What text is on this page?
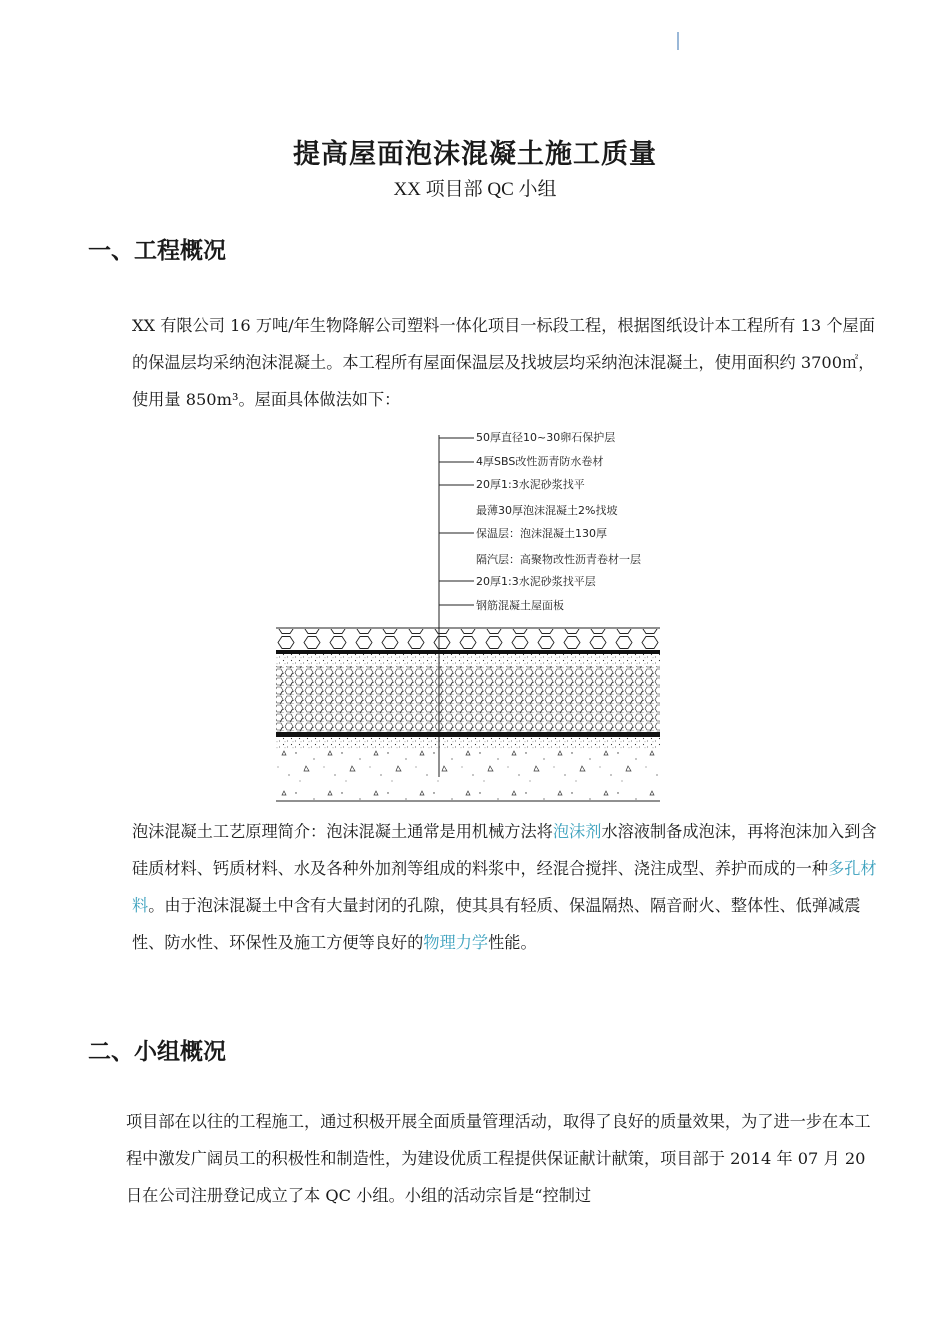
提高屋面泡沫混凝土施工质量
XX 项目部 QC 小组
一、工程概况

XX 有限公司 16 万吨/年生物降解公司塑料一体化项目一标段工程，根据图纸设计本工程所有 13 个屋面的保温层均采纳泡沫混凝土。本工程所有屋面保温层及找坡层均采纳泡沫混凝土，使用面积约 3700㎡，使用量 850m³。屋面具体做法如下：

50厚直径10~30卵石保护层
4厚SBS改性沥青防水卷材
20厚1:3水泥砂浆找平
最薄30厚泡沫混凝土2%找坡
保温层：泡沫混凝土130厚
隔汽层：高聚物改性沥青卷材一层
20厚1:3水泥砂浆找平层
钢筋混凝土屋面板

泡沫混凝土工艺原理简介：泡沫混凝土通常是用机械方法将泡沫剂水溶液制备成泡沫，再将泡沫加入到含硅质材料、钙质材料、水及各种外加剂等组成的料浆中，经混合搅拌、浇注成型、养护而成的一种多孔材料。由于泡沫混凝土中含有大量封闭的孔隙，使其具有轻质、保温隔热、隔音耐火、整体性、低弹减震性、防水性、环保性及施工方便等良好的物理力学性能。

二、小组概况

项目部在以往的工程施工，通过积极开展全面质量管理活动，取得了良好的质量效果，为了进一步在本工程中激发广阔员工的积极性和制造性，为建设优质工程提供保证献计献策，项目部于 2014 年 07 月 20 日在公司注册登记成立了本 QC 小组。小组的活动宗旨是“控制过
